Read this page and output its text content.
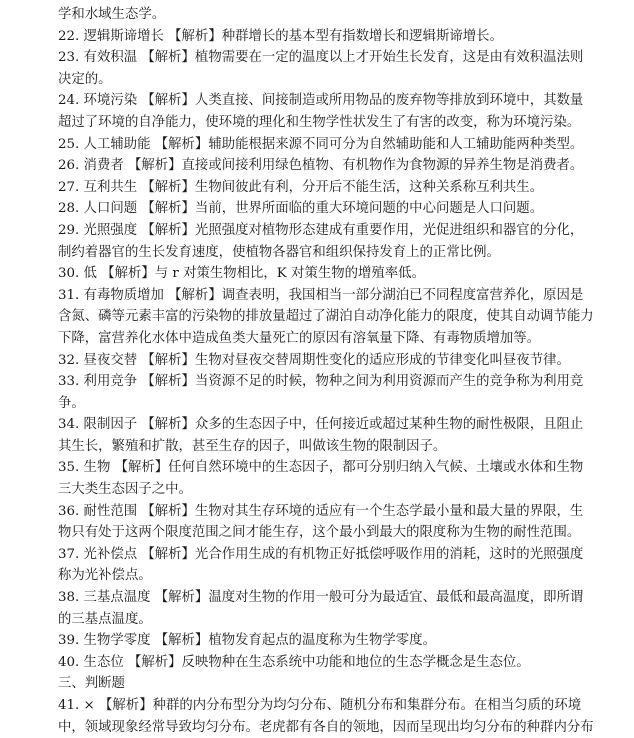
学和水域生态学。

22. 逻辑斯谛增长 【解析】种群增长的基本型有指数增长和逻辑斯谛增长。

23. 有效积温 【解析】植物需要在一定的温度以上才开始生长发育，这是由有效积温法则

决定的。

24. 环境污染 【解析】人类直接、间接制造或所用物品的废弃物等排放到环境中，其数量

超过了环境的自净能力，使环境的理化和生物学性状发生了有害的改变，称为环境污染。

25. 人工辅助能 【解析】辅助能根据来源不同可分为自然辅助能和人工辅助能两种类型。

26. 消费者 【解析】直接或间接利用绿色植物、有机物作为食物源的异养生物是消费者。

27. 互利共生 【解析】生物间彼此有利，分开后不能生活，这种关系称互利共生。

28. 人口问题 【解析】当前，世界所面临的重大环境问题的中心问题是人口问题。

29. 光照强度 【解析】光照强度对植物形态建成有重要作用，光促进组织和器官的分化，

制约着器官的生长发育速度，使植物各器官和组织保持发育上的正常比例。

30. 低 【解析】与 r 对策生物相比，K 对策生物的增殖率低。

31. 有毒物质增加 【解析】调查表明，我国相当一部分湖泊已不同程度富营养化，原因是

含氮、磷等元素丰富的污染物的排放量超过了湖泊自动净化能力的限度，使其自动调节能力

下降，富营养化水体中造成鱼类大量死亡的原因有溶氧量下降、有毒物质增加等。

32. 昼夜交替 【解析】生物对昼夜交替周期性变化的适应形成的节律变化叫昼夜节律。

33. 利用竞争 【解析】当资源不足的时候，物种之间为利用资源而产生的竞争称为利用竞

争。

34. 限制因子 【解析】众多的生态因子中，任何接近或超过某种生物的耐性极限，且阻止

其生长，繁殖和扩散，甚至生存的因子，叫做该生物的限制因子。

35. 生物 【解析】任何自然环境中的生态因子，都可分别归纳入气候、土壤或水体和生物

三大类生态因子之中。

36. 耐性范围 【解析】生物对其生存环境的适应有一个生态学最小量和最大量的界限，生

物只有处于这两个限度范围之间才能生存，这个最小到最大的限度称为生物的耐性范围。

37. 光补偿点 【解析】光合作用生成的有机物正好抵偿呼吸作用的消耗，这时的光照强度

称为光补偿点。

38. 三基点温度 【解析】温度对生物的作用一般可分为最适宜、最低和最高温度，即所谓

的三基点温度。

39. 生物学零度 【解析】植物发育起点的温度称为生物学零度。

40. 生态位 【解析】反映物种在生态系统中功能和地位的生态学概念是生态位。

三、判断题

41. × 【解析】种群的内分布型分为均匀分布、随机分布和集群分布。在相当匀质的环境

中，领域现象经常导致均匀分布。老虎都有各自的领地，因而呈现出均匀分布的种群内分布
